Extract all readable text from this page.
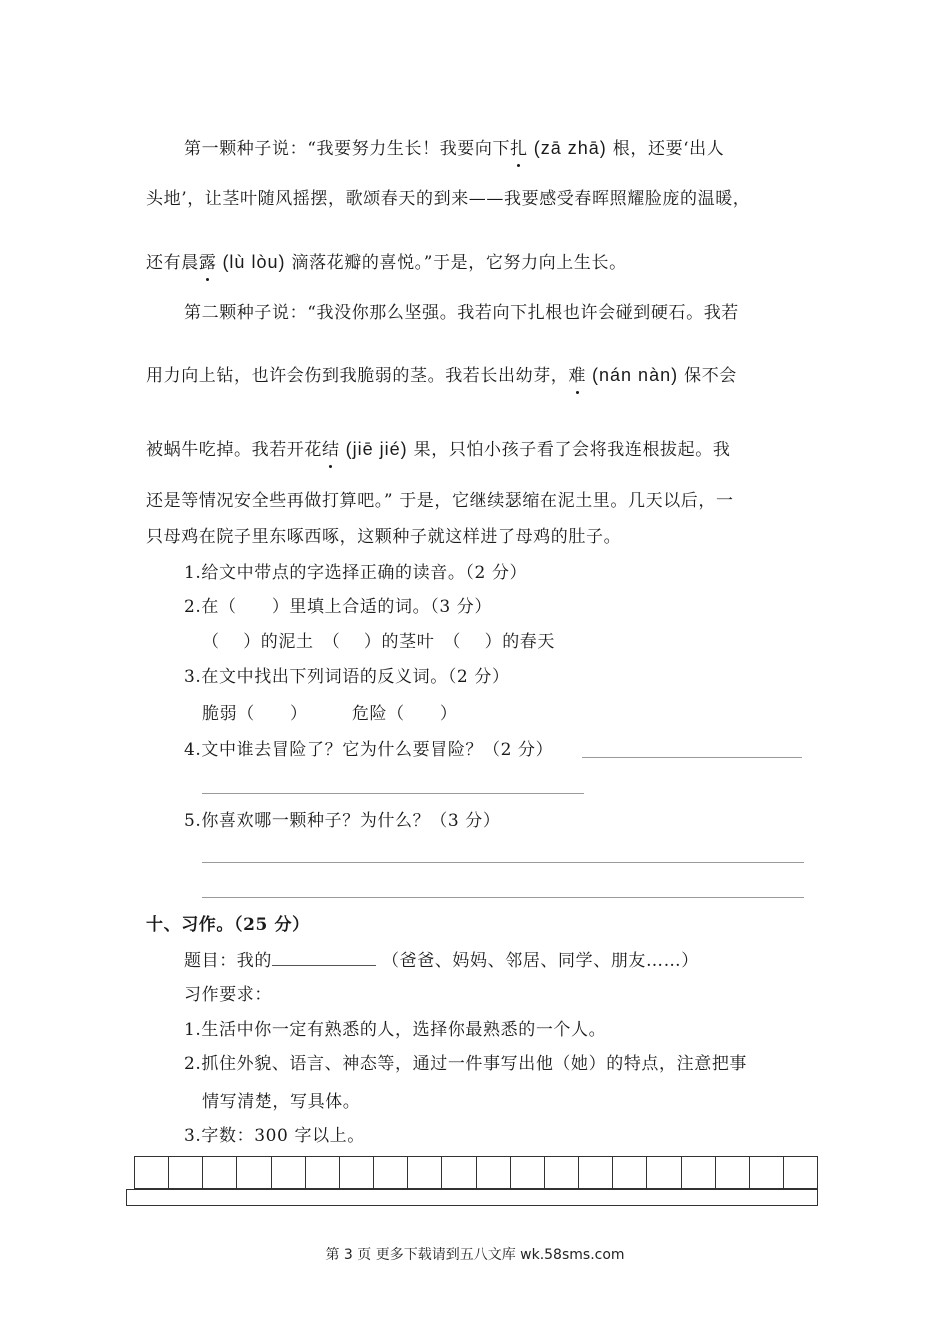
第一颗种子说：“我要努力生长！我要向下扎 (zā zhā) 根，还要‘出人
头地’，让茎叶随风摇摆，歌颂春天的到来——我要感受春晖照耀脸庞的温暖，
还有晨露 (lù lòu) 滴落花瓣的喜悦。”于是，它努力向上生长。
第二颗种子说：“我没你那么坚强。我若向下扎根也许会碰到硬石。我若
用力向上钻，也许会伤到我脆弱的茎。我若长出幼芽，难 (nán nàn) 保不会
被蜗牛吃掉。我若开花结 (jiē jié) 果，只怕小孩子看了会将我连根拔起。我
还是等情况安全些再做打算吧。” 于是，它继续瑟缩在泥土里。几天以后，一
只母鸡在院子里东啄西啄，这颗种子就这样进了母鸡的肚子。
1.给文中带点的字选择正确的读音。（2 分）
2.在（　　）里填上合适的词。（3 分）
（　 ）的泥土　（　 ）的茎叶　（　 ）的春天
3.在文中找出下列词语的反义词。（2 分）
脆弱（　　）　　　危险（　　）
4.文中谁去冒险了？它为什么要冒险？（2 分）
5.你喜欢哪一颗种子？为什么？（3 分）
十、习作。（25 分）
题目：我的	（爸爸、妈妈、邻居、同学、朋友……）
习作要求：
1.生活中你一定有熟悉的人，选择你最熟悉的一个人。
2.抓住外貌、语言、神态等，通过一件事写出他（她）的特点，注意把事
情写清楚，写具体。
3.字数：300 字以上。
第 3 页 更多下载请到五八文库 wk.58sms.com
